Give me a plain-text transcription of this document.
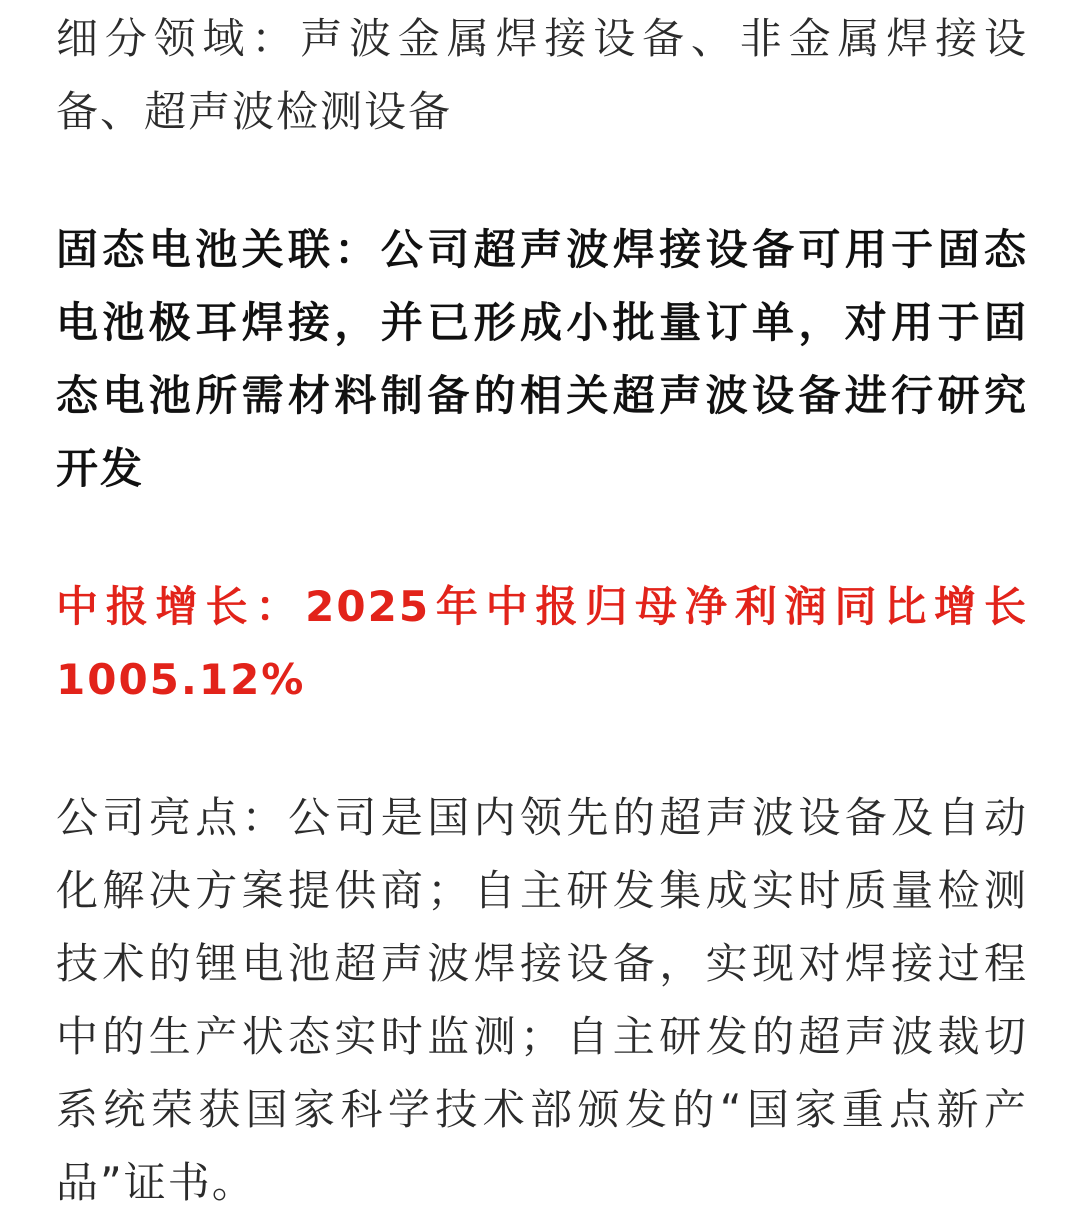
细分领域：声波金属焊接设备、非金属焊接设
备、超声波检测设备
固态电池关联：公司超声波焊接设备可用于固态
电池极耳焊接，并已形成小批量订单，对用于固
态电池所需材料制备的相关超声波设备进行研究
开发
中报增长：2025年中报归母净利润同比增长
1005.12%
公司亮点：公司是国内领先的超声波设备及自动
化解决方案提供商；自主研发集成实时质量检测
技术的锂电池超声波焊接设备，实现对焊接过程
中的生产状态实时监测；自主研发的超声波裁切
系统荣获国家科学技术部颁发的“国家重点新产
品”证书。
